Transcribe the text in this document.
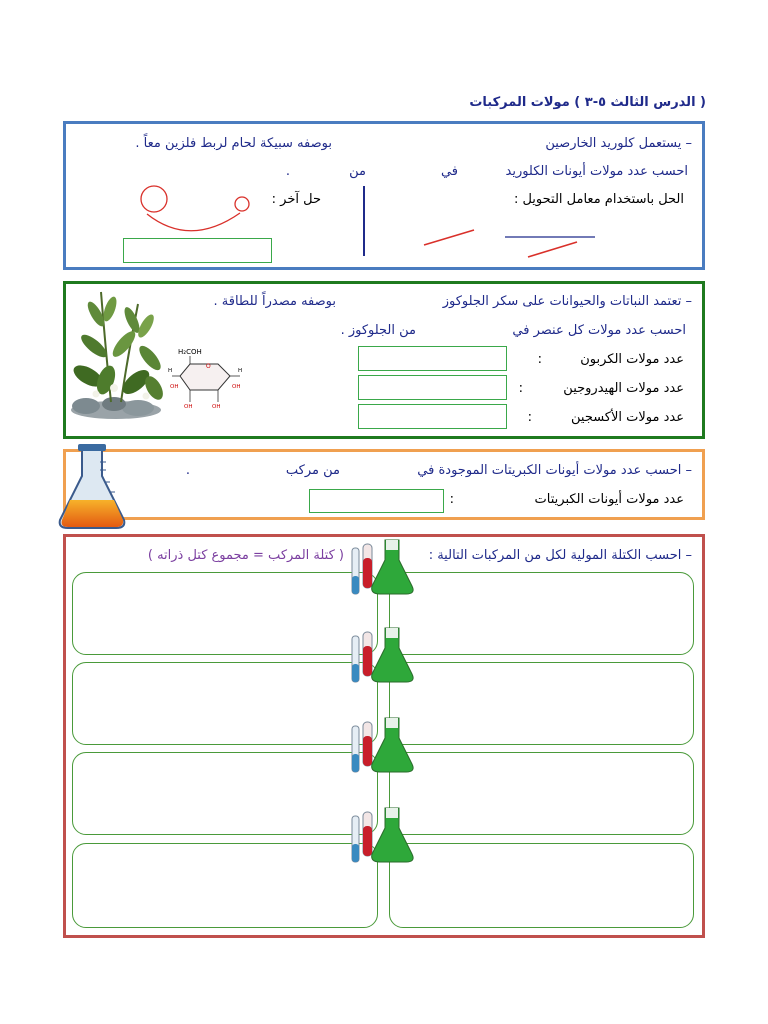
( الدرس الثالث ٥-٣ ) مولات المركبات
– يستعمل كلوريد الخارصين
بوصفه سبيكة لحام لربط فلزين معاً .
احسب عدد مولات أيونات الكلوريد
في
من
.
الحل باستخدام معامل التحويل :
حل آخر :
– تعتمد النباتات والحيوانات على سكر الجلوكوز
بوصفه مصدراً للطاقة .
احسب عدد مولات كل عنصر في
من الجلوكوز .
عدد مولات الكربون
:
عدد مولات الهيدروجين
:
عدد مولات الأكسجين
:
H₂COH
O
H	H
OH	OH
OH	OH
– احسب عدد مولات أيونات الكبريتات الموجودة في
من مركب
.
عدد مولات أيونات الكبريتات
:
– احسب الكتلة المولية لكل من المركبات التالية :
( كتلة المركب = مجموع كتل ذراته )
